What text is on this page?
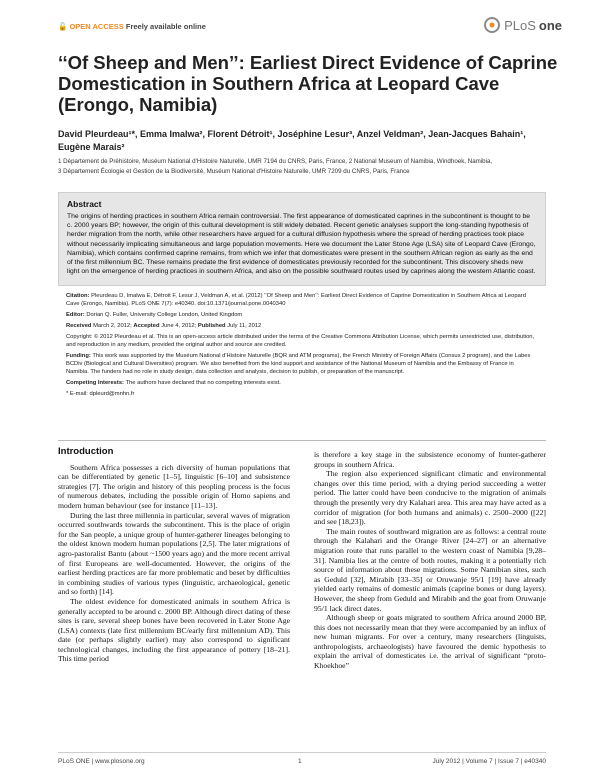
🔓 OPEN ACCESS Freely available online	PLoS one
‘‘Of Sheep and Men’’: Earliest Direct Evidence of Caprine Domestication in Southern Africa at Leopard Cave (Erongo, Namibia)
David Pleurdeau¹*, Emma Imalwa², Florent Détroit¹, Joséphine Lesur³, Anzel Veldman², Jean-Jacques Bahain¹, Eugène Marais²
1 Département de Préhistoire, Muséum National d'Histoire Naturelle, UMR 7194 du CNRS, Paris, France, 2 National Museum of Namibia, Windhoek, Namibia,
3 Département Écologie et Gestion de la Biodiversité, Muséum National d'Histoire Naturelle, UMR 7209 du CNRS, Paris, France
Abstract

The origins of herding practices in southern Africa remain controversial. The first appearance of domesticated caprines in the subcontinent is thought to be c. 2000 years BP; however, the origin of this cultural development is still widely debated. Recent genetic analyses support the long-standing hypothesis of herder migration from the north, while other researchers have argued for a cultural diffusion hypothesis where the spread of herding practices took place without necessarily implicating simultaneous and large population movements. Here we document the Later Stone Age (LSA) site of Leopard Cave (Erongo, Namibia), which contains confirmed caprine remains, from which we infer that domesticates were present in the southern African region as early as the end of the first millennium BC. These remains predate the first evidence of domesticates previously recorded for the subcontinent. This discovery sheds new light on the emergence of herding practices in southern Africa, and also on the possible southward routes used by caprines along the western Atlantic coast.

Citation: Pleurdeau D, Imalwa E, Détroit F, Lesur J, Veldman A, et al. (2012) ‘‘Of Sheep and Men’’: Earliest Direct Evidence of Caprine Domestication in Southern Africa at Leopard Cave (Erongo, Namibia). PLoS ONE 7(7): e40340. doi:10.1371/journal.pone.0040340

Editor: Dorian Q. Fuller, University College London, United Kingdom

Received March 2, 2012; Accepted June 4, 2012; Published July 11, 2012

Copyright: © 2012 Pleurdeau et al. This is an open-access article distributed under the terms of the Creative Commons Attribution License, which permits unrestricted use, distribution, and reproduction in any medium, provided the original author and source are credited.

Funding: This work was supported by the Muséum National d'Histoire Naturelle (BQR and ATM programs), the French Ministry of Foreign Affairs (Consus 2 program), and the Labex BCDiv (Biological and Cultural Diversities) program. We also benefited from the kind support and assistance of the National Museum of Namibia and the Embassy of France in Namibia. The funders had no role in study design, data collection and analysis, decision to publish, or preparation of the manuscript.

Competing Interests: The authors have declared that no competing interests exist.

* E-mail: dpleurd@mnhn.fr

Introduction

Southern Africa possesses a rich diversity of human populations that can be differentiated by genetic [1–5], linguistic [6–10] and subsistence strategies [7]. The origin and history of this peopling process is the focus of numerous debates, including the possible origin of Homo sapiens and modern human behaviour (see for instance [11–13].

During the last three millennia in particular, several waves of migration occurred southwards towards the subcontinent. This is the place of origin for the San people, a unique group of hunter-gatherer lineages belonging to the oldest known modern human populations [2,5]. The later migrations of agro-pastoralist Bantu (about ~1500 years ago) and the more recent arrival of first Europeans are well-documented. However, the origins of the earliest herding practices are far more problematic and beset by difficulties in combining studies of various types (linguistic, archaeological, genetic and so forth) [14].

The oldest evidence for domesticated animals in southern Africa is generally accepted to be around c. 2000 BP. Although direct dating of these sites is rare, several sheep bones have been recovered in Later Stone Age (LSA) contexts (late first millennium BC/early first millennium AD). This date (or perhaps slightly earlier) may also correspond to significant technological changes, including the first appearance of pottery [18–21]. This time period

is therefore a key stage in the subsistence economy of hunter-gatherer groups in southern Africa.

The region also experienced significant climatic and environmental changes over this time period, with a drying period succeeding a wetter period. The latter could have been conducive to the migration of animals through the presently very dry Kalahari area. This area may have acted as a corridor of migration (for both humans and animals) c. 2500–2000 ([22] and see [18,23]).

The main routes of southward migration are as follows: a central route through the Kalahari and the Orange River [24–27] or an alternative migration route that runs parallel to the western coast of Namibia [9,28–31]. Namibia lies at the centre of both routes, making it a potentially rich source of information about these migrations. Some Namibian sites, such as Geduld [32], Mirabib [33–35] or Oruwanje 95/1 [19] have already yielded early remains of domestic animals (caprine bones or dung layers). However, the sheep from Geduld and Mirabib and the goat from Oruwanje 95/1 lack direct dates.

Although sheep or goats migrated to southern Africa around 2000 BP, this does not necessarily mean that they were accompanied by an influx of new human migrants. For over a century, many researchers (linguists, anthropologists, archaeologists) have favoured the demic hypothesis to explain the arrival of domesticates i.e. the arrival of significant “proto-Khoekhoe”

PLoS ONE | www.plosone.org	1	July 2012 | Volume 7 | Issue 7 | e40340
